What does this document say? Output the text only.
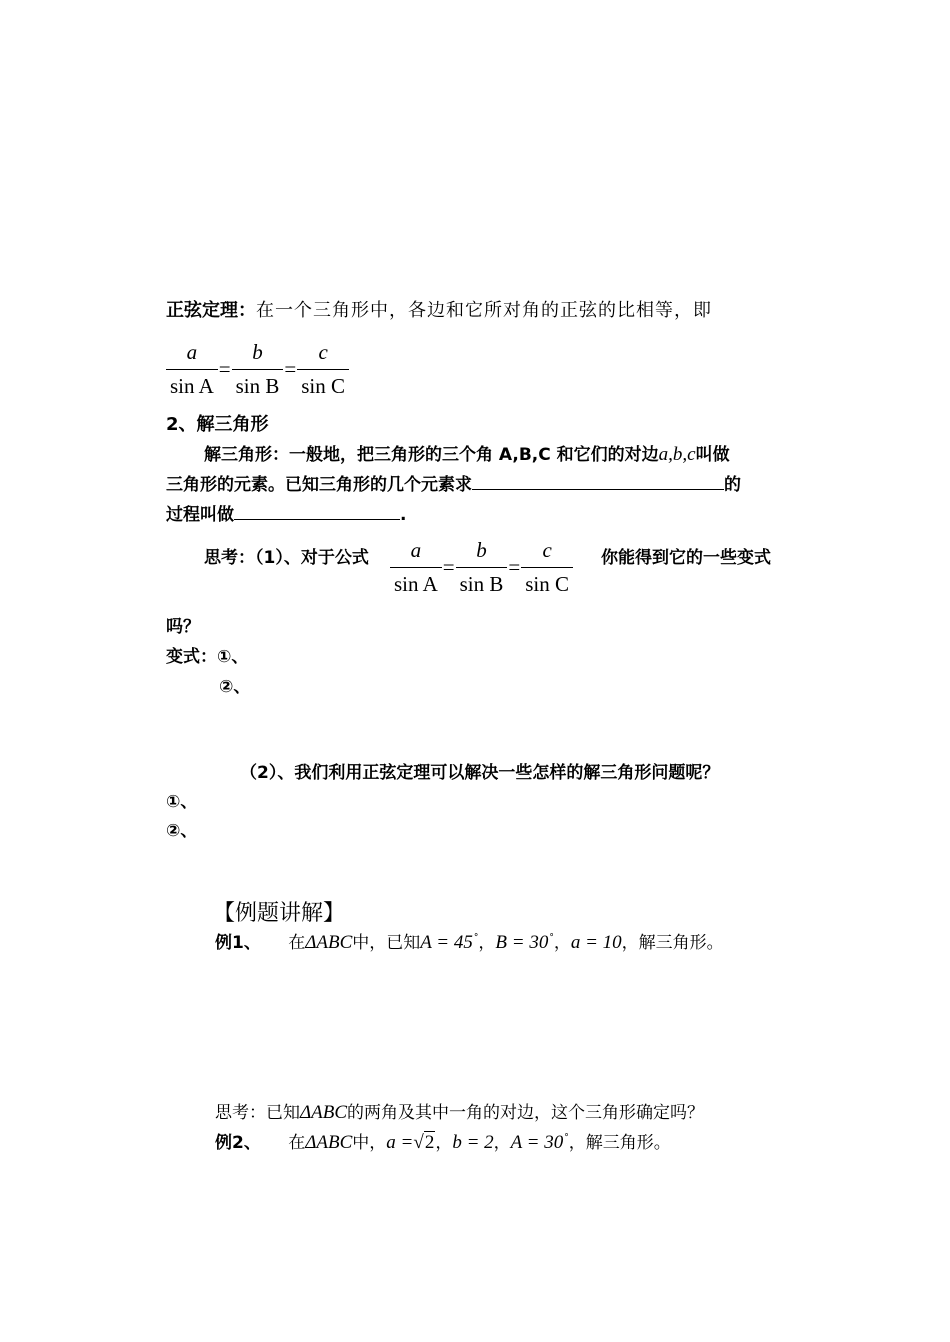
正弦定理：在一个三角形中，各边和它所对角的正弦的比相等，即
$\frac{a}{\text{sin A}} = \frac{b}{\text{sin B}} = \frac{c}{\text{sin C}}$
2、解三角形
解三角形：一般地，把三角形的三个角 A,B,C 和它们的对边a,b,c叫做
三角形的元素。已知三角形的几个元素求	的
过程叫做	.
思考：（1）、对于公式 $\frac{a}{\text{sin A}} = \frac{b}{\text{sin B}} = \frac{c}{\text{sin C}}$ 你能得到它的一些变式
吗？
变式：①、
②、
（2）、我们利用正弦定理可以解决一些怎样的解三角形问题呢？
①、
②、
【例题讲解】
例1、 在ΔABC中，已知A = 45°，B = 30°，a = 10，解三角形。
思考：已知ΔABC的两角及其中一角的对边，这个三角形确定吗？
例2、 在ΔABC中，a =√2，b = 2，A = 30°，解三角形。
